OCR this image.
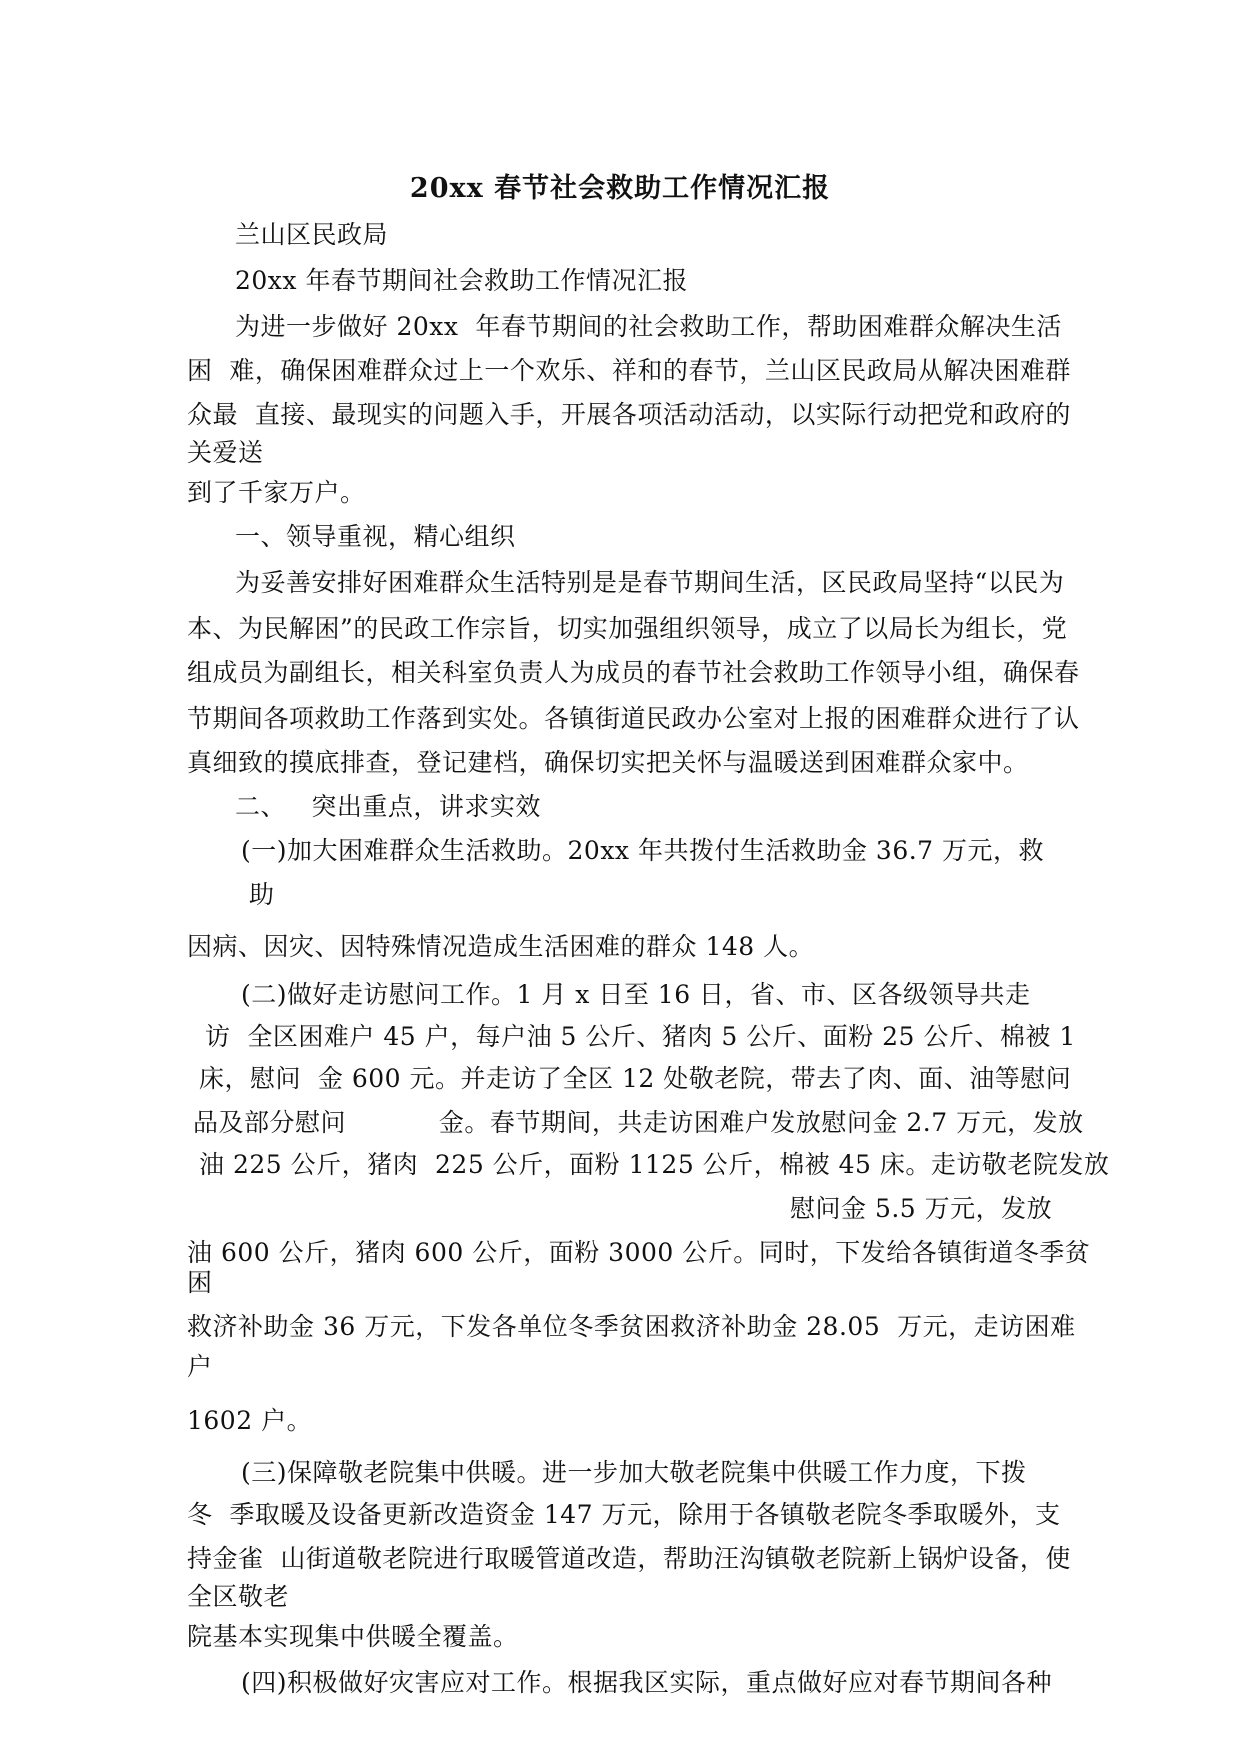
20xx 春节社会救助工作情况汇报
兰山区民政局
20xx 年春节期间社会救助工作情况汇报
为进一步做好 20xx  年春节期间的社会救助工作，帮助困难群众解决生活
困  难，确保困难群众过上一个欢乐、祥和的春节，兰山区民政局从解决困难群
众最  直接、最现实的问题入手，开展各项活动活动，以实际行动把党和政府的
关爱送
到了千家万户。
一、领导重视，精心组织
为妥善安排好困难群众生活特别是是春节期间生活，区民政局坚持“以民为
本、为民解困”的民政工作宗旨，切实加强组织领导，成立了以局长为组长，党
组成员为副组长，相关科室负责人为成员的春节社会救助工作领导小组，确保春
节期间各项救助工作落到实处。各镇街道民政办公室对上报的困难群众进行了认
真细致的摸底排查，登记建档，确保切实把关怀与温暖送到困难群众家中。
二、   突出重点，讲求实效
(一)加大困难群众生活救助。20xx 年共拨付生活救助金 36.7 万元，救
助
因病、因灾、因特殊情况造成生活困难的群众 148 人。
(二)做好走访慰问工作。1 月 x 日至 16 日，省、市、区各级领导共走
访  全区困难户 45 户，每户油 5 公斤、猪肉 5 公斤、面粉 25 公斤、棉被 1
床，慰问  金 600 元。并走访了全区 12 处敬老院，带去了肉、面、油等慰问
品及部分慰问           金。春节期间，共走访困难户发放慰问金 2.7 万元，发放
油 225 公斤，猪肉  225 公斤，面粉 1125 公斤，棉被 45 床。走访敬老院发放
慰问金 5.5 万元，发放
油 600 公斤，猪肉 600 公斤，面粉 3000 公斤。同时，下发给各镇街道冬季贫
困
救济补助金 36 万元，下发各单位冬季贫困救济补助金 28.05  万元，走访困难
户
1602 户。
(三)保障敬老院集中供暖。进一步加大敬老院集中供暖工作力度，下拨
冬  季取暖及设备更新改造资金 147 万元，除用于各镇敬老院冬季取暖外，支
持金雀  山街道敬老院进行取暖管道改造，帮助汪沟镇敬老院新上锅炉设备，使
全区敬老
院基本实现集中供暖全覆盖。
(四)积极做好灾害应对工作。根据我区实际，重点做好应对春节期间各种
